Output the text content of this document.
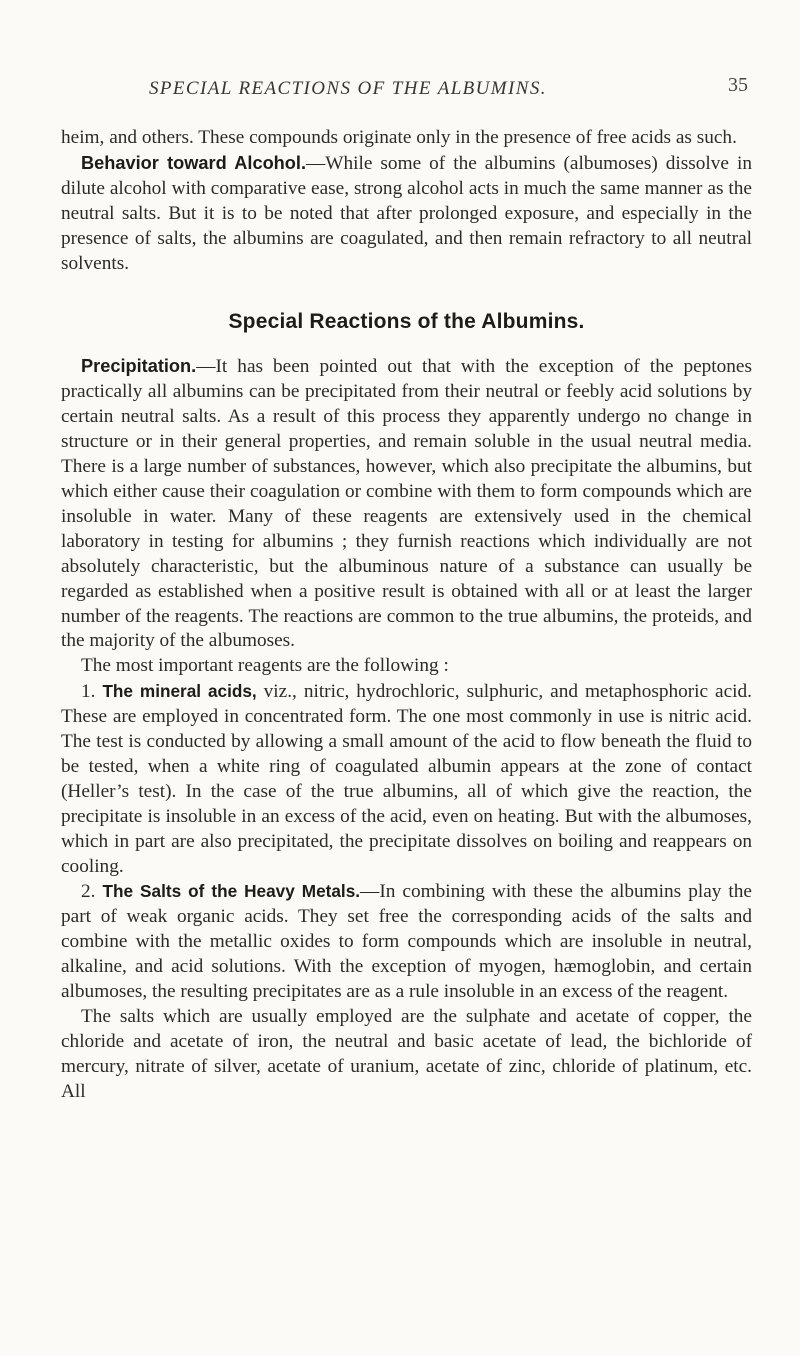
SPECIAL REACTIONS OF THE ALBUMINS.	35

heim, and others. These compounds originate only in the presence of free acids as such.

Behavior toward Alcohol.—While some of the albumins (albumoses) dissolve in dilute alcohol with comparative ease, strong alcohol acts in much the same manner as the neutral salts. But it is to be noted that after prolonged exposure, and especially in the presence of salts, the albumins are coagulated, and then remain refractory to all neutral solvents.

Special Reactions of the Albumins.

Precipitation.—It has been pointed out that with the exception of the peptones practically all albumins can be precipitated from their neutral or feebly acid solutions by certain neutral salts. As a result of this process they apparently undergo no change in structure or in their general properties, and remain soluble in the usual neutral media. There is a large number of substances, however, which also precipitate the albumins, but which either cause their coagulation or combine with them to form compounds which are insoluble in water. Many of these reagents are extensively used in the chemical laboratory in testing for albumins ; they furnish reactions which individually are not absolutely characteristic, but the albuminous nature of a substance can usually be regarded as established when a positive result is obtained with all or at least the larger number of the reagents. The reactions are common to the true albumins, the proteids, and the majority of the albumoses.

The most important reagents are the following :

1. The mineral acids, viz., nitric, hydrochloric, sulphuric, and metaphosphoric acid. These are employed in concentrated form. The one most commonly in use is nitric acid. The test is conducted by allowing a small amount of the acid to flow beneath the fluid to be tested, when a white ring of coagulated albumin appears at the zone of contact (Heller’s test). In the case of the true albumins, all of which give the reaction, the precipitate is insoluble in an excess of the acid, even on heating. But with the albumoses, which in part are also precipitated, the precipitate dissolves on boiling and reappears on cooling.

2. The Salts of the Heavy Metals.—In combining with these the albumins play the part of weak organic acids. They set free the corresponding acids of the salts and combine with the metallic oxides to form compounds which are insoluble in neutral, alkaline, and acid solutions. With the exception of myogen, hæmoglobin, and certain albumoses, the resulting precipitates are as a rule insoluble in an excess of the reagent.

The salts which are usually employed are the sulphate and acetate of copper, the chloride and acetate of iron, the neutral and basic acetate of lead, the bichloride of mercury, nitrate of silver, acetate of uranium, acetate of zinc, chloride of platinum, etc. All
